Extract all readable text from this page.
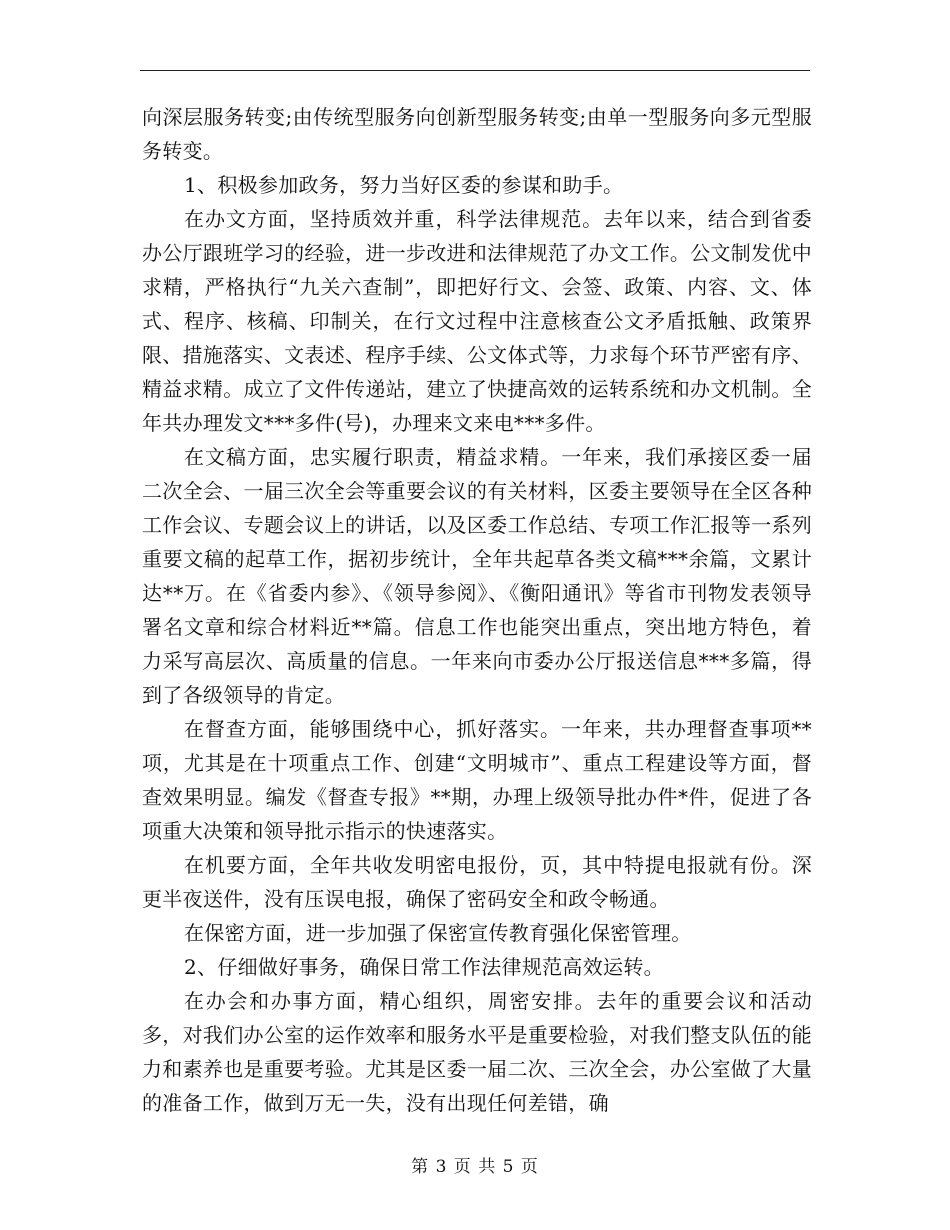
向深层服务转变;由传统型服务向创新型服务转变;由单一型服务向多元型服务转变。

1、积极参加政务，努力当好区委的参谋和助手。

在办文方面，坚持质效并重，科学法律规范。去年以来，结合到省委办公厅跟班学习的经验，进一步改进和法律规范了办文工作。公文制发优中求精，严格执行“九关六查制”，即把好行文、会签、政策、内容、文、体式、程序、核稿、印制关，在行文过程中注意核查公文矛盾抵触、政策界限、措施落实、文表述、程序手续、公文体式等，力求每个环节严密有序、精益求精。成立了文件传递站，建立了快捷高效的运转系统和办文机制。全年共办理发文***多件(号)，办理来文来电***多件。

在文稿方面，忠实履行职责，精益求精。一年来，我们承接区委一届二次全会、一届三次全会等重要会议的有关材料，区委主要领导在全区各种工作会议、专题会议上的讲话，以及区委工作总结、专项工作汇报等一系列重要文稿的起草工作，据初步统计，全年共起草各类文稿***余篇，文累计达**万。在《省委内参》、《领导参阅》、《衡阳通讯》等省市刊物发表领导署名文章和综合材料近**篇。信息工作也能突出重点，突出地方特色，着力采写高层次、高质量的信息。一年来向市委办公厅报送信息***多篇，得到了各级领导的肯定。

在督查方面，能够围绕中心，抓好落实。一年来，共办理督查事项**项，尤其是在十项重点工作、创建“文明城市”、重点工程建设等方面，督查效果明显。编发《督查专报》**期，办理上级领导批办件*件，促进了各项重大决策和领导批示指示的快速落实。

在机要方面，全年共收发明密电报份，页，其中特提电报就有份。深更半夜送件，没有压误电报，确保了密码安全和政令畅通。

在保密方面，进一步加强了保密宣传教育强化保密管理。

2、仔细做好事务，确保日常工作法律规范高效运转。

在办会和办事方面，精心组织，周密安排。去年的重要会议和活动多，对我们办公室的运作效率和服务水平是重要检验，对我们整支队伍的能力和素养也是重要考验。尤其是区委一届二次、三次全会，办公室做了大量的准备工作，做到万无一失，没有出现任何差错，确

第 3 页 共 5 页
